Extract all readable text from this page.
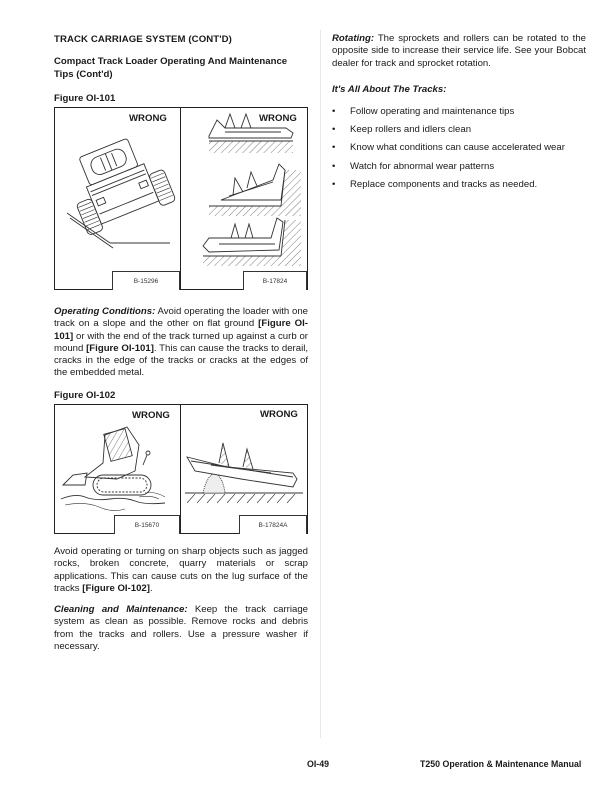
TRACK CARRIAGE SYSTEM (CONT'D)
Compact Track Loader Operating And Maintenance
Tips (Cont'd)
Figure OI-101
WRONG	WRONG
B-15296	B-17824
Operating Conditions: Avoid operating the loader with one track on a slope and the other on flat ground [Figure OI-101] or with the end of the track turned up against a curb or mound [Figure OI-101]. This can cause the tracks to derail, cracks in the edge of the tracks or cracks at the edges of the embedded metal.
Figure OI-102
WRONG	WRONG
B-15670	B-17824A
Avoid operating or turning on sharp objects such as jagged rocks, broken concrete, quarry materials or scrap applications. This can cause cuts on the lug surface of the tracks [Figure OI-102].
Cleaning and Maintenance: Keep the track carriage system as clean as possible. Remove rocks and debris from the tracks and rollers. Use a pressure washer if necessary.
Rotating: The sprockets and rollers can be rotated to the opposite side to increase their service life. See your Bobcat dealer for track and sprocket rotation.
It's All About The Tracks:
• Follow operating and maintenance tips
• Keep rollers and idlers clean
• Know what conditions can cause accelerated wear
• Watch for abnormal wear patterns
• Replace components and tracks as needed.
OI-49	T250 Operation & Maintenance Manual
